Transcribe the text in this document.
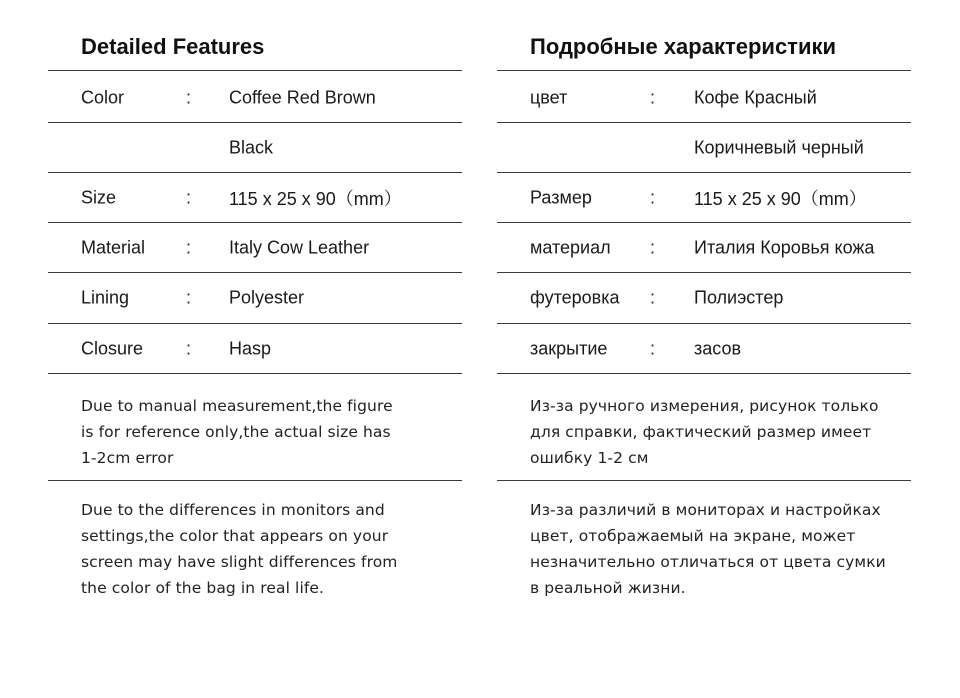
Detailed Features
Color	: Coffee Red Brown
Black
Size	: 115 x 25 x 90（mm）
Material : Italy Cow Leather
Lining	: Polyester
Closure : Hasp
Due to manual measurement,the figure
is for reference only,the actual size has
1-2cm error
Due to the differences in monitors and
settings,the color that appears on your
screen may have slight differences from
the color of the bag in real life.
Подробные характеристики
цвет	: Кофе Красный
Коричневый черный
Размер	: 115 x 25 x 90（mm）
материал : Италия Коровья кожа
футеровка : Полиэстер
закрытие : засов
Из-за ручного измерения, рисунок только
для справки, фактический размер имеет
ошибку 1-2 см
Из-за различий в мониторах и настройках
цвет, отображаемый на экране, может
незначительно отличаться от цвета сумки
в реальной жизни.
